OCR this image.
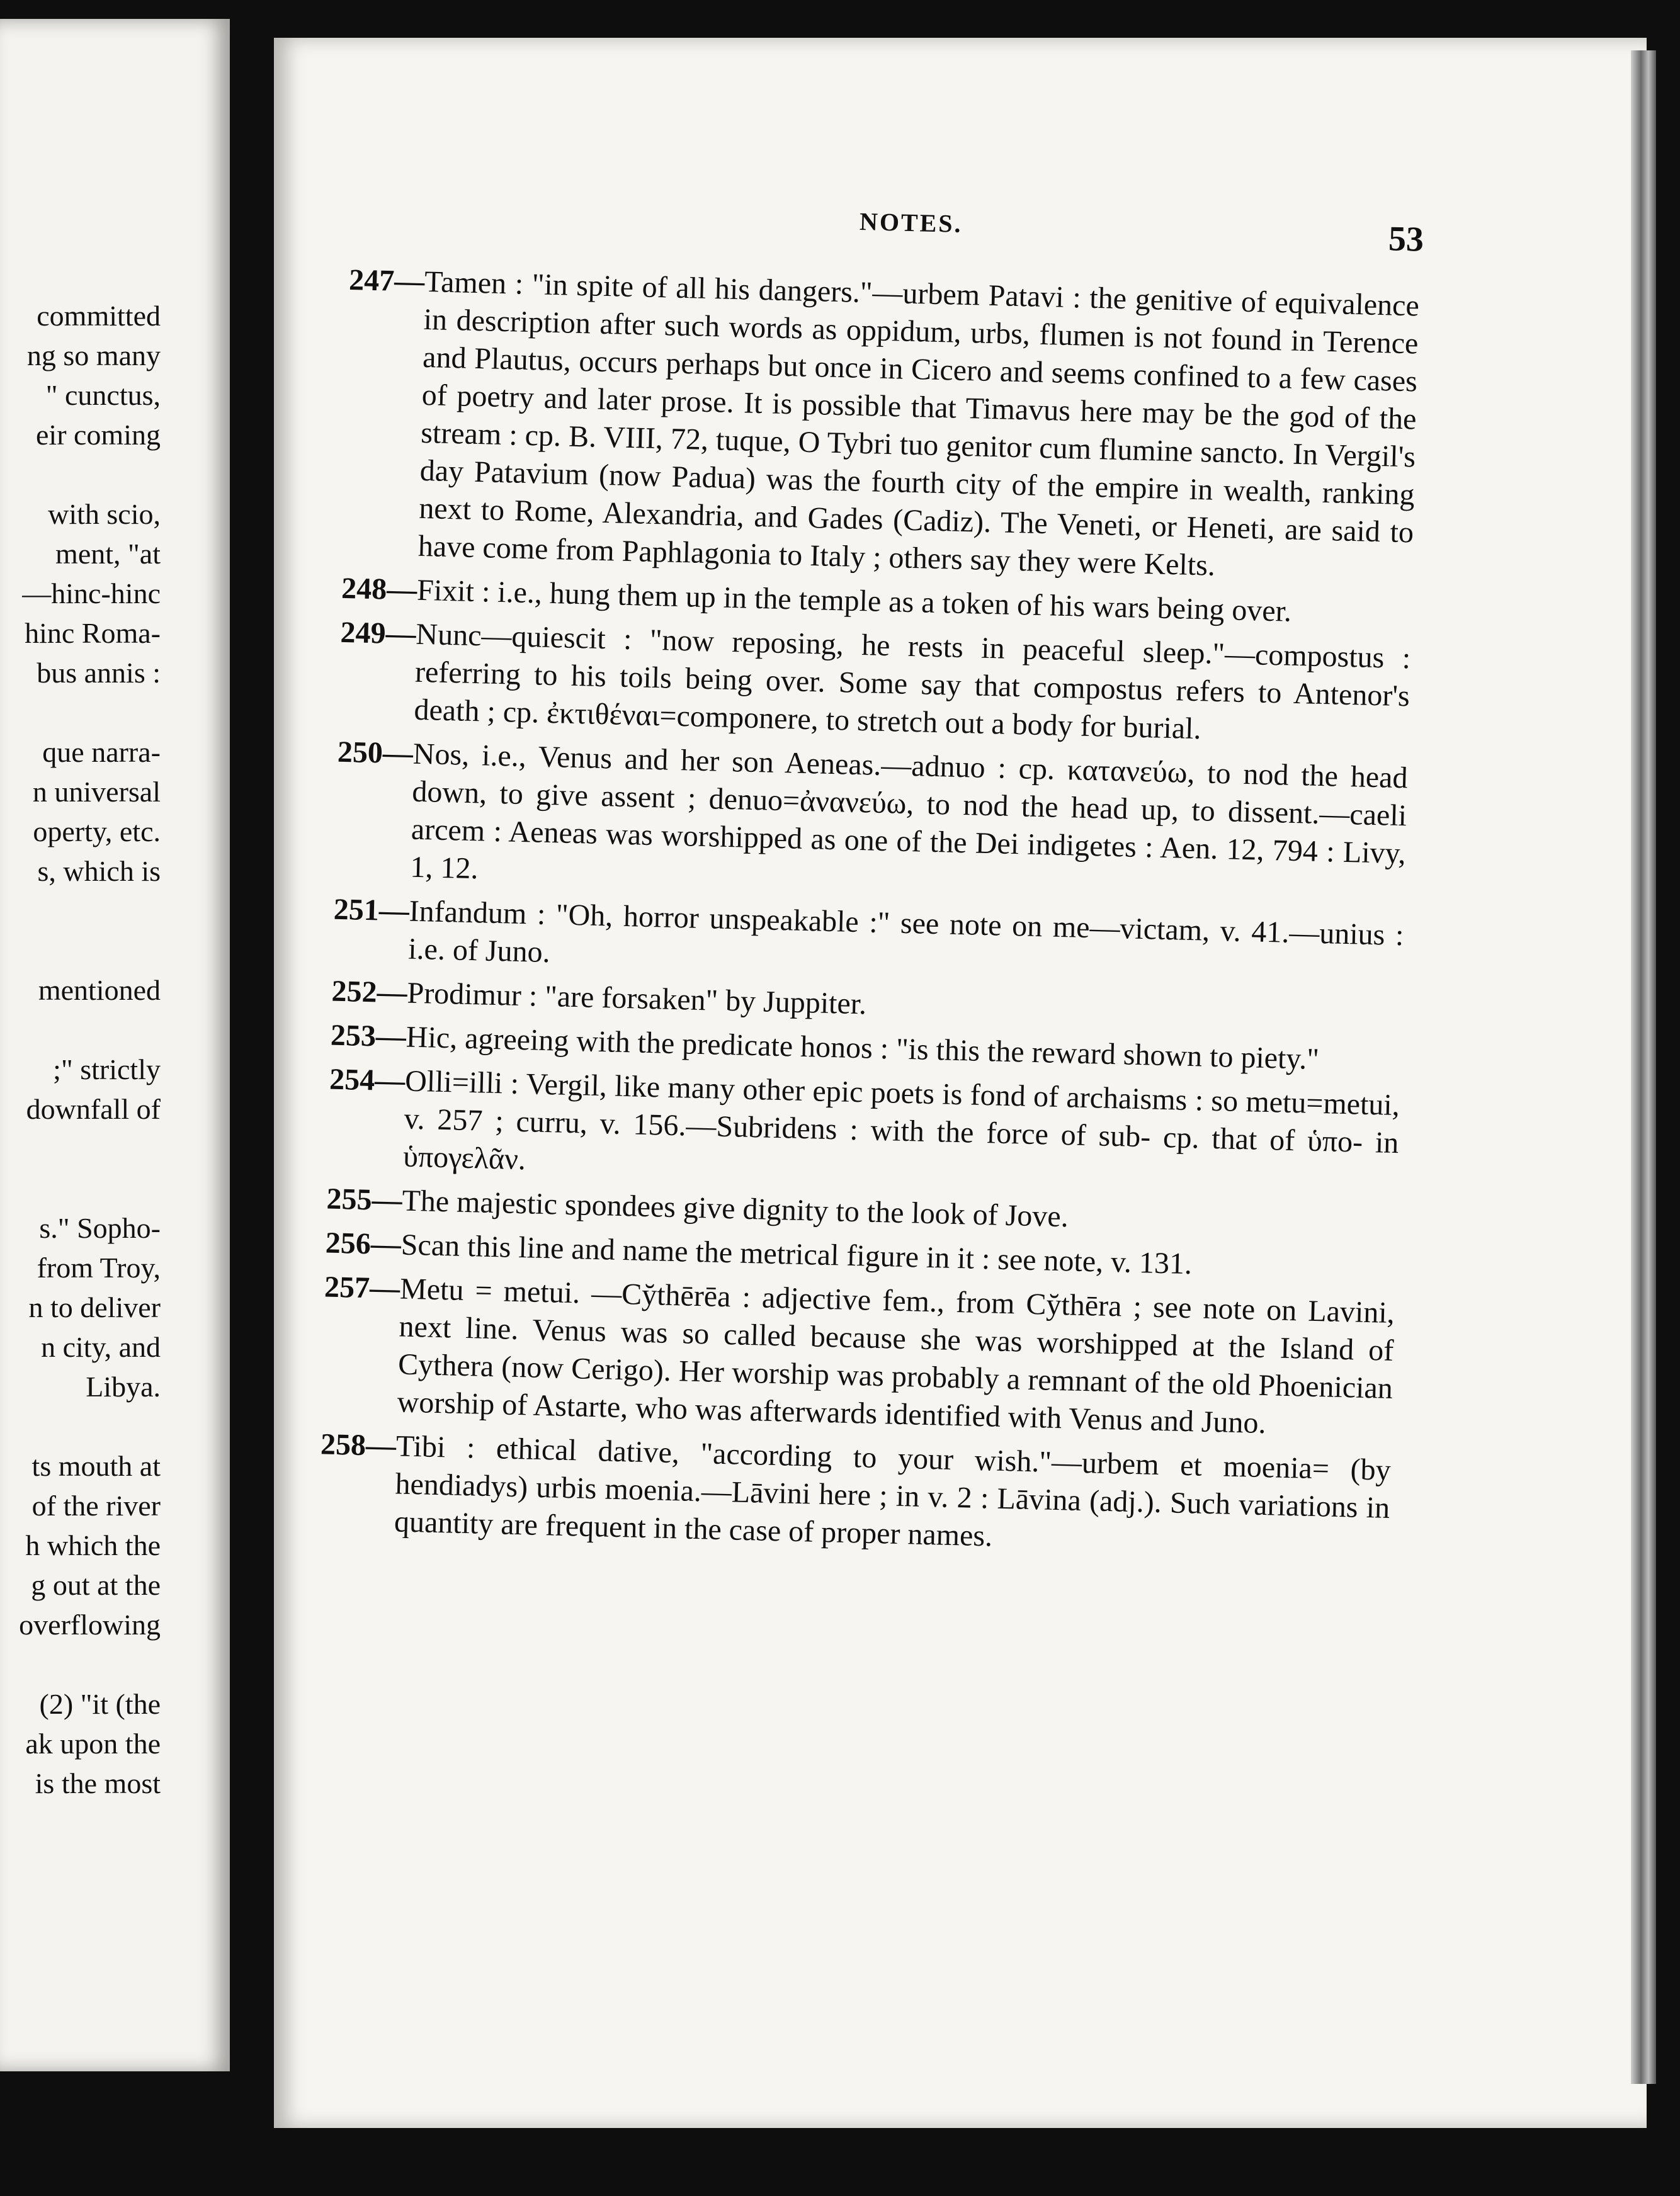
committed
ng so many
" cunctus,
eir coming
with scio,
ment, "at
—hinc-hinc
hinc Roma-
bus annis :
que narra-
n universal
operty, etc.
s, which is
mentioned
;" strictly
downfall of
s." Sopho-
from Troy,
n to deliver
n city, and
Libya.
ts mouth at
of the river
h which the
g out at the
overflowing
(2) "it (the
ak upon the
is the most
NOTES.	53
247—
Tamen : "in spite of all his dangers."—urbem Patavi : the genitive of equivalence in description after such words as oppidum, urbs, flumen is not found in Terence and Plautus, occurs perhaps but once in Cicero and seems confined to a few cases of poetry and later prose. It is possible that Timavus here may be the god of the stream : cp. B. VIII, 72, tuque, O Tybri tuo genitor cum flumine sancto. In Vergil's day Patavium (now Padua) was the fourth city of the empire in wealth, ranking next to Rome, Alexandria, and Gades (Cadiz). The Veneti, or Heneti, are said to have come from Paphlagonia to Italy ; others say they were Kelts.
248—
Fixit : i.e., hung them up in the temple as a token of his wars being over.
249—
Nunc—quiescit : "now reposing, he rests in peaceful sleep."—compostus : referring to his toils being over. Some say that compostus refers to Antenor's death ; cp. ἐκτιθέναι=componere, to stretch out a body for burial.
250—
Nos, i.e., Venus and her son Aeneas.—adnuo : cp. κατανεύω, to nod the head down, to give assent ; denuo=ἀνανεύω, to nod the head up, to dissent.—caeli arcem : Aeneas was worshipped as one of the Dei indigetes : Aen. 12, 794 : Livy, 1, 12.
251—
Infandum : "Oh, horror unspeakable :" see note on me—victam, v. 41.—unius : i.e. of Juno.
252—
Prodimur : "are forsaken" by Juppiter.
253—
Hic, agreeing with the predicate honos : "is this the reward shown to piety."
254—
Olli=illi : Vergil, like many other epic poets is fond of archaisms : so metu=metui, v. 257 ; curru, v. 156.—Subridens : with the force of sub- cp. that of ὑπο- in ὑπογελᾶν.
255—
The majestic spondees give dignity to the look of Jove.
256—
Scan this line and name the metrical figure in it : see note, v. 131.
257—
Metu = metui. —Cy̆thērēa : adjective fem., from Cy̆thēra ; see note on Lavini, next line. Venus was so called because she was worshipped at the Island of Cythera (now Cerigo). Her worship was probably a remnant of the old Phoenician worship of Astarte, who was afterwards identified with Venus and Juno.
258—
Tibi : ethical dative, "according to your wish."—urbem et moenia= (by hendiadys) urbis moenia.—Lāvini here ; in v. 2 : Lāvina (adj.). Such variations in quantity are frequent in the case of proper names.
